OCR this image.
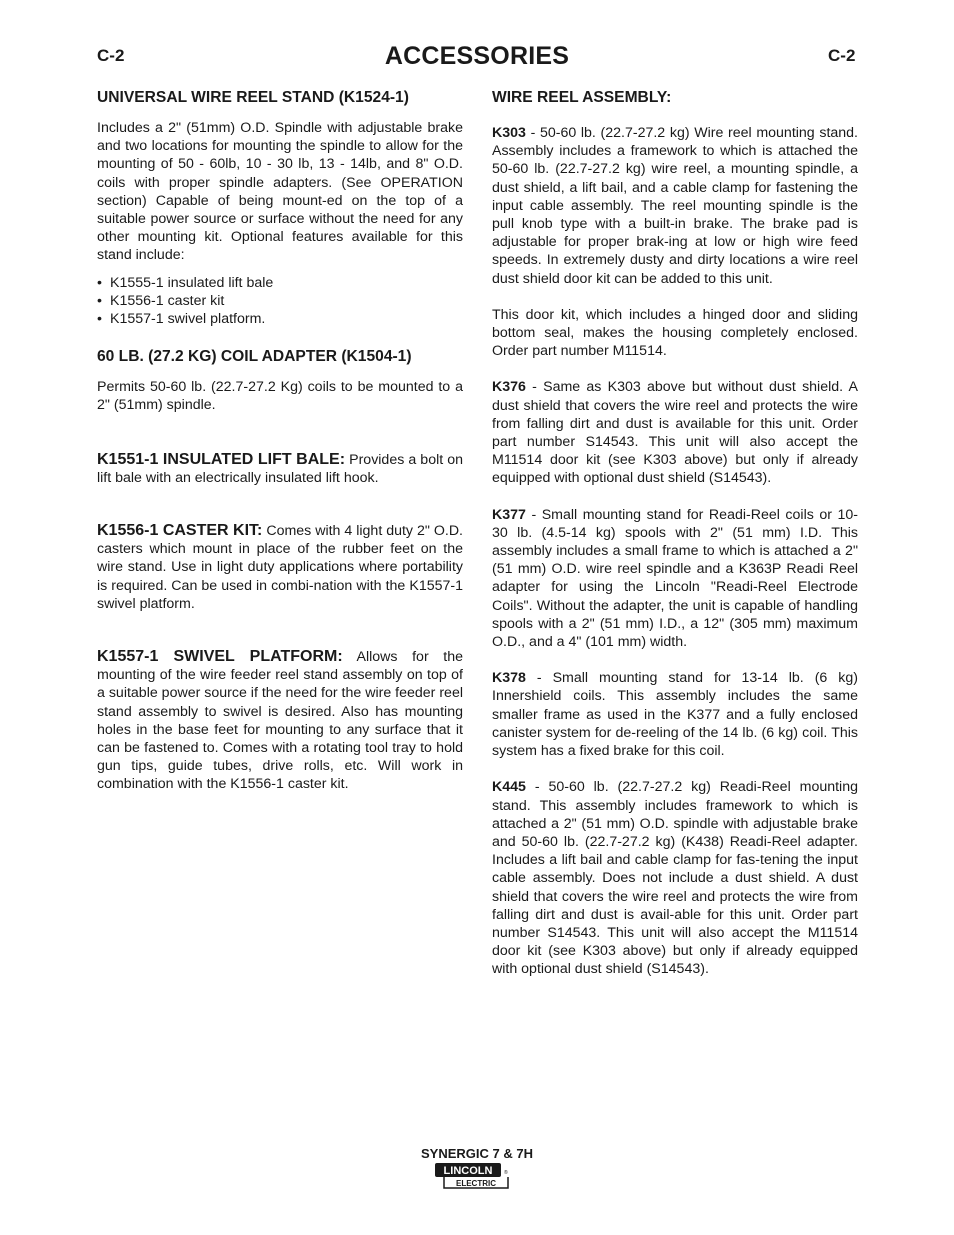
C-2	ACCESSORIES	C-2
UNIVERSAL WIRE REEL STAND (K1524-1)

Includes a 2" (51mm) O.D. Spindle with adjustable brake and two locations for mounting the spindle to allow for the mounting of 50 - 60lb, 10 - 30 lb, 13 - 14lb, and 8" O.D. coils with proper spindle adapters. (See OPERATION section) Capable of being mount-ed on the top of a suitable power source or surface without the need for any other mounting kit. Optional features available for this stand include:

• K1555-1 insulated lift bale
• K1556-1 caster kit
• K1557-1 swivel platform.
60 LB. (27.2 KG) COIL ADAPTER (K1504-1)

Permits 50-60 lb. (22.7-27.2 Kg) coils to be mounted to a 2" (51mm) spindle.

K1551-1 INSULATED LIFT BALE: Provides a bolt on lift bale with an electrically insulated lift hook.

K1556-1 CASTER KIT: Comes with 4 light duty 2" O.D. casters which mount in place of the rubber feet on the wire stand. Use in light duty applications where portability is required. Can be used in combi-nation with the K1557-1 swivel platform.

K1557-1 SWIVEL PLATFORM: Allows for the mounting of the wire feeder reel stand assembly on top of a suitable power source if the need for the wire feeder reel stand assembly to swivel is desired. Also has mounting holes in the base feet for mounting to any surface that it can be fastened to. Comes with a rotating tool tray to hold gun tips, guide tubes, drive rolls, etc. Will work in combination with the K1556-1 caster kit.

WIRE REEL ASSEMBLY:

K303 - 50-60 lb. (22.7-27.2 kg) Wire reel mounting stand. Assembly includes a framework to which is attached the 50-60 lb. (22.7-27.2 kg) wire reel, a mounting spindle, a dust shield, a lift bail, and a cable clamp for fastening the input cable assembly. The reel mounting spindle is the pull knob type with a built-in brake. The brake pad is adjustable for proper brak-ing at low or high wire feed speeds. In extremely dusty and dirty locations a wire reel dust shield door kit can be added to this unit.

This door kit, which includes a hinged door and sliding bottom seal, makes the housing completely enclosed. Order part number M11514.

K376 - Same as K303 above but without dust shield. A dust shield that covers the wire reel and protects the wire from falling dirt and dust is available for this unit. Order part number S14543. This unit will also accept the M11514 door kit (see K303 above) but only if already equipped with optional dust shield (S14543).

K377 - Small mounting stand for Readi-Reel coils or 10-30 lb. (4.5-14 kg) spools with 2" (51 mm) I.D. This assembly includes a small frame to which is attached a 2" (51 mm) O.D. wire reel spindle and a K363P Readi Reel adapter for using the Lincoln "Readi-Reel Electrode Coils". Without the adapter, the unit is capable of handling spools with a 2" (51 mm) I.D., a 12" (305 mm) maximum O.D., and a 4" (101 mm) width.

K378 - Small mounting stand for 13-14 lb. (6 kg) Innershield coils. This assembly includes the same smaller frame as used in the K377 and a fully enclosed canister system for de-reeling of the 14 lb. (6 kg) coil. This system has a fixed brake for this coil.

K445 - 50-60 lb. (22.7-27.2 kg) Readi-Reel mounting stand. This assembly includes framework to which is attached a 2" (51 mm) O.D. spindle with adjustable brake and 50-60 lb. (22.7-27.2 kg) (K438) Readi-Reel adapter. Includes a lift bail and cable clamp for fas-tening the input cable assembly. Does not include a dust shield. A dust shield that covers the wire reel and protects the wire from falling dirt and dust is avail-able for this unit. Order part number S14543. This unit will also accept the M11514 door kit (see K303 above) but only if already equipped with optional dust shield (S14543).

SYNERGIC 7 & 7H
LINCOLN ®
ELECTRIC
